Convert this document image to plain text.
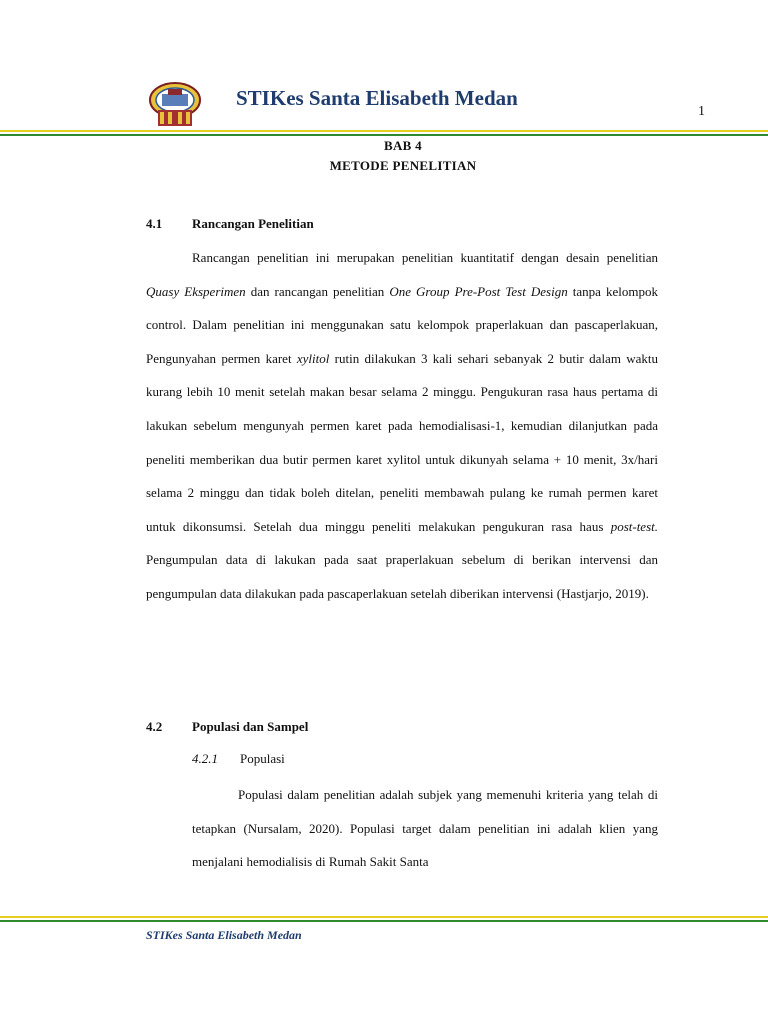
STIKes Santa Elisabeth Medan
1
BAB 4
METODE PENELITIAN
4.1 Rancangan Penelitian

Rancangan penelitian ini merupakan penelitian kuantitatif dengan desain penelitian Quasy Eksperimen dan rancangan penelitian One Group Pre-Post Test Design tanpa kelompok control. Dalam penelitian ini menggunakan satu kelompok praperlakuan dan pascaperlakuan, Pengunyahan permen karet xylitol rutin dilakukan 3 kali sehari sebanyak 2 butir dalam waktu kurang lebih 10 menit setelah makan besar selama 2 minggu. Pengukuran rasa haus pertama di lakukan sebelum mengunyah permen karet pada hemodialisasi-1, kemudian dilanjutkan pada peneliti memberikan dua butir permen karet xylitol untuk dikunyah selama + 10 menit, 3x/hari selama 2 minggu dan tidak boleh ditelan, peneliti membawah pulang ke rumah permen karet untuk dikonsumsi. Setelah dua minggu peneliti melakukan pengukuran rasa haus post-test. Pengumpulan data di lakukan pada saat praperlakuan sebelum di berikan intervensi dan pengumpulan data dilakukan pada pascaperlakuan setelah diberikan intervensi (Hastjarjo, 2019).

4.2 Populasi dan Sampel
4.2.1 Populasi

Populasi dalam penelitian adalah subjek yang memenuhi kriteria yang telah di tetapkan (Nursalam, 2020). Populasi target dalam penelitian ini adalah klien yang menjalani hemodialisis di Rumah Sakit Santa

STIKes Santa Elisabeth Medan
